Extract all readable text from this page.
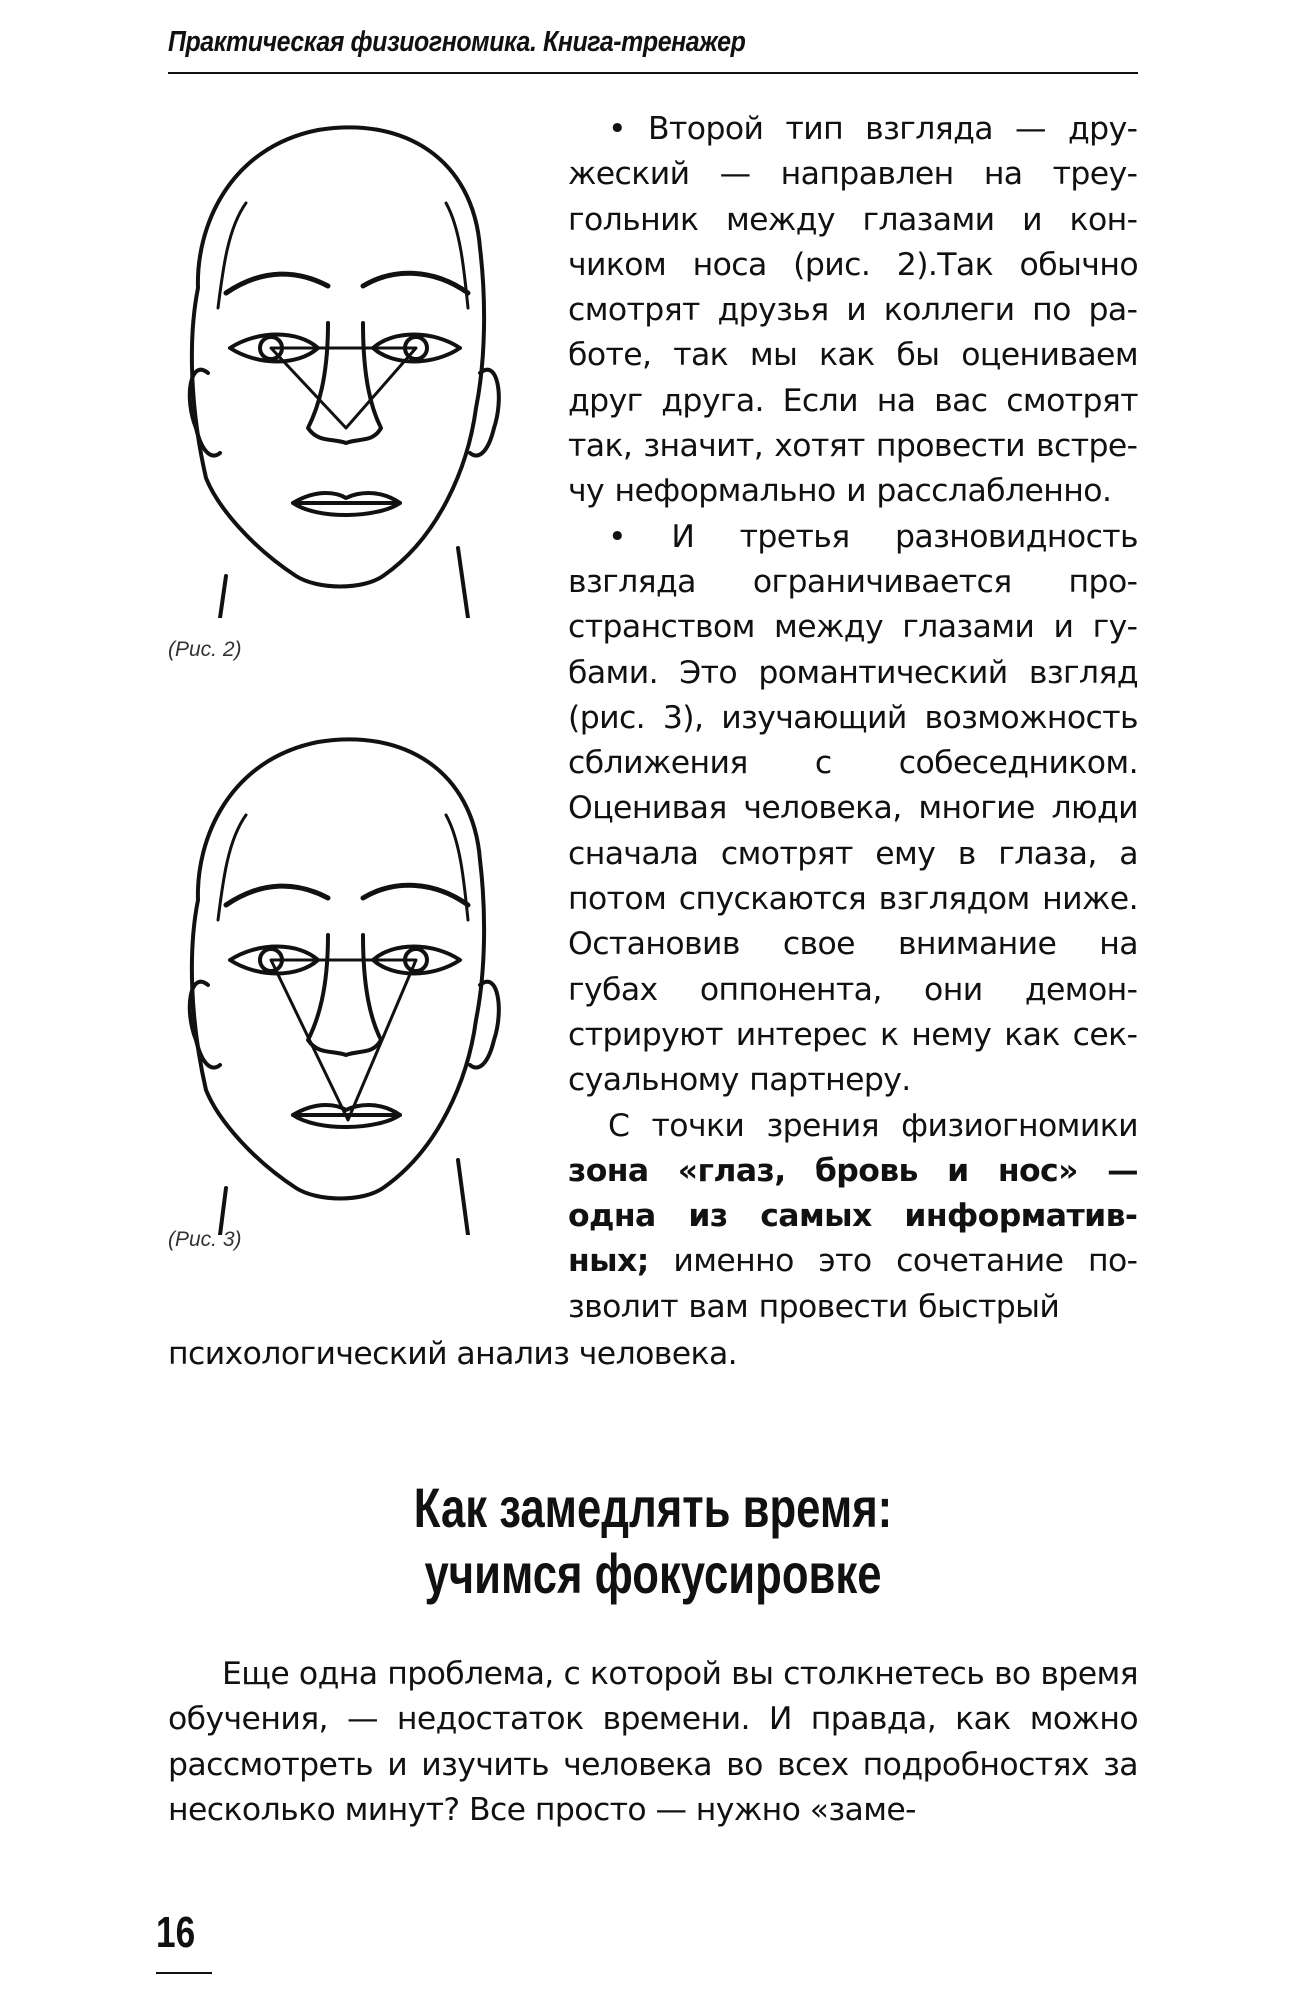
Практическая физиогномика. Книга-тренажер
(Рис. 2)
(Рис. 3)

• Второй тип взгляда — дружеский — направлен на треугольник между глазами и кончиком носа (рис. 2).Так обычно смотрят друзья и коллеги по работе, так мы как бы оцениваем друг друга. Если на вас смотрят так, значит, хотят провести встречу неформально и расслабленно.

• И третья разновидность взгляда ограничивается пространством между глазами и губами. Это романтический взгляд (рис. 3), изучающий возможность сближения с собеседником. Оценивая человека, многие люди сначала смотрят ему в глаза, а потом спускаются взглядом ниже. Остановив свое внимание на губах оппонента, они демонстрируют интерес к нему как сексуальному партнеру.

С точки зрения физиогномики зона «глаз, бровь и нос» — одна из самых информативных; именно это сочетание позволит вам провести быстрый

психологический анализ человека.

Как замедлять время:
учимся фокусировке

Еще одна проблема, с которой вы столкнетесь во время обучения, — недостаток времени. И правда, как можно рассмотреть и изучить человека во всех подробностях за несколько минут? Все просто — нужно «заме-

16
